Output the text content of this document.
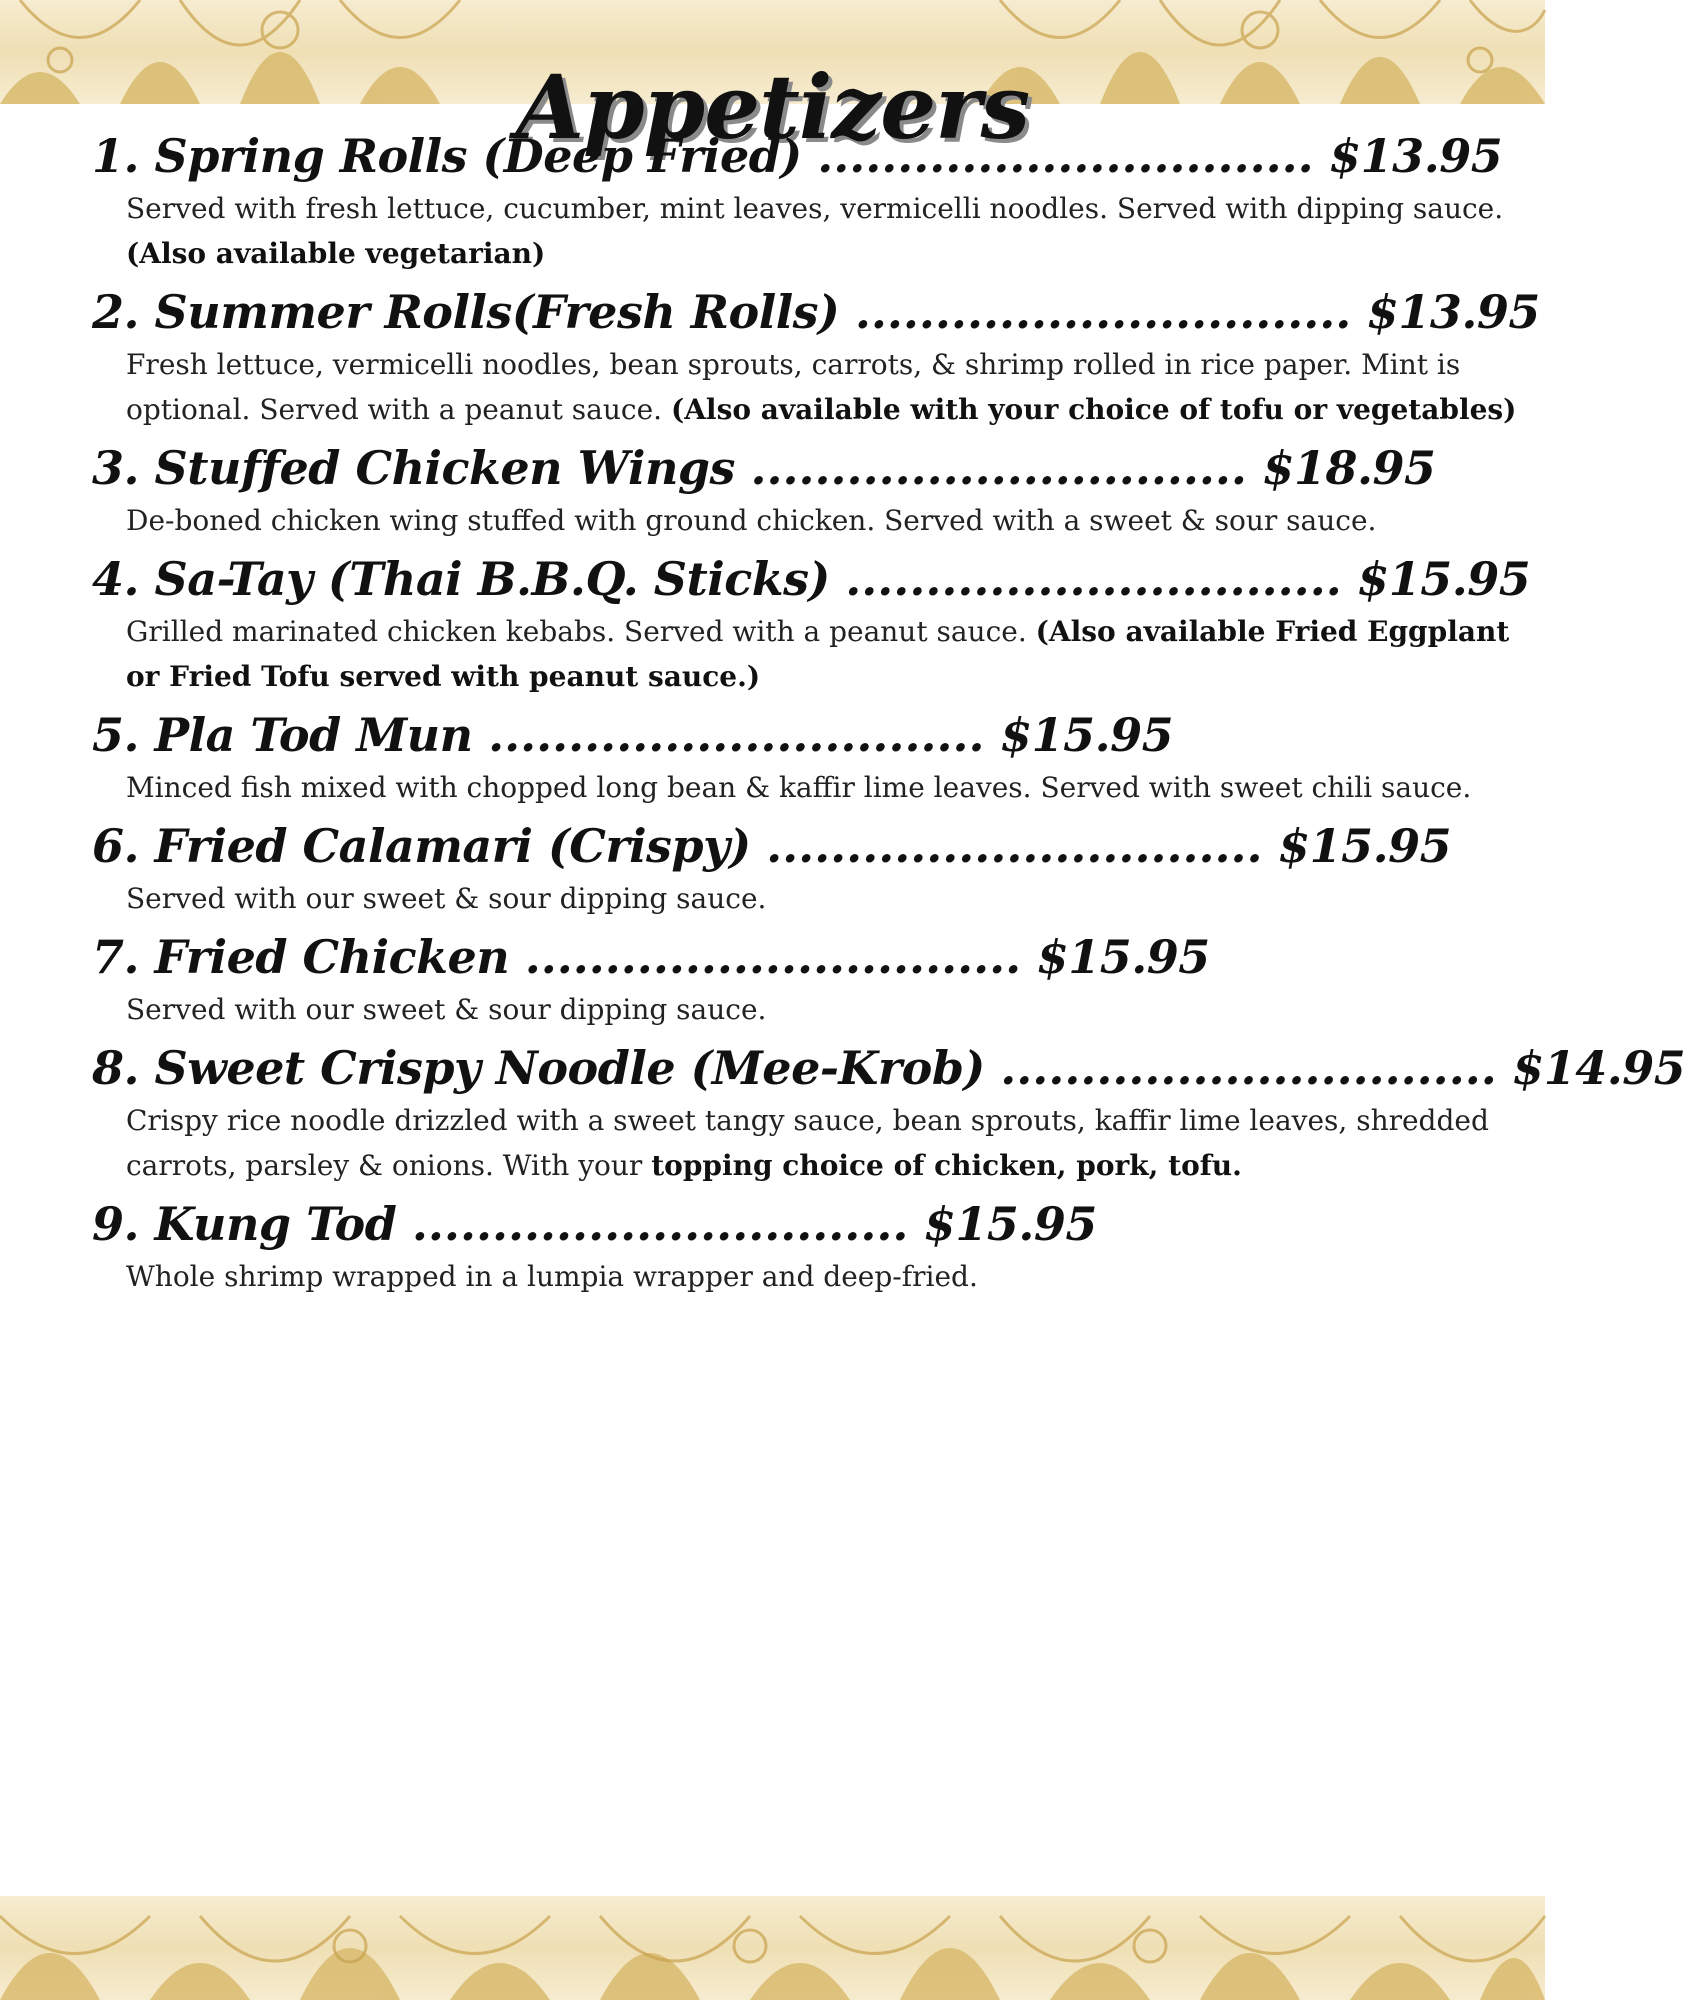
Appetizers
1. Spring Rolls (Deep Fried) ............................... $13.95
Served with fresh lettuce, cucumber, mint leaves, vermicelli noodles. Served with dipping sauce.
(Also available vegetarian)
2. Summer Rolls(Fresh Rolls) ............................... $13.95
Fresh lettuce, vermicelli noodles, bean sprouts, carrots, & shrimp rolled in rice paper. Mint is optional. Served with a peanut sauce. (Also available with your choice of tofu or vegetables)
3. Stuffed Chicken Wings ............................... $18.95
De-boned chicken wing stuffed with ground chicken. Served with a sweet & sour sauce.
4. Sa-Tay (Thai B.B.Q. Sticks) ............................... $15.95
Grilled marinated chicken kebabs. Served with a peanut sauce. (Also available Fried Eggplant or Fried Tofu served with peanut sauce.)
5. Pla Tod Mun ............................... $15.95
Minced fish mixed with chopped long bean & kaffir lime leaves. Served with sweet chili sauce.
6. Fried Calamari (Crispy) ............................... $15.95
Served with our sweet & sour dipping sauce.
7. Fried Chicken ............................... $15.95
Served with our sweet & sour dipping sauce.
8. Sweet Crispy Noodle (Mee-Krob) ............................... $14.95
Crispy rice noodle drizzled with a sweet tangy sauce, bean sprouts, kaffir lime leaves, shredded carrots, parsley & onions. With your topping choice of chicken, pork, tofu.
9. Kung Tod ............................... $15.95
Whole shrimp wrapped in a lumpia wrapper and deep-fried.
